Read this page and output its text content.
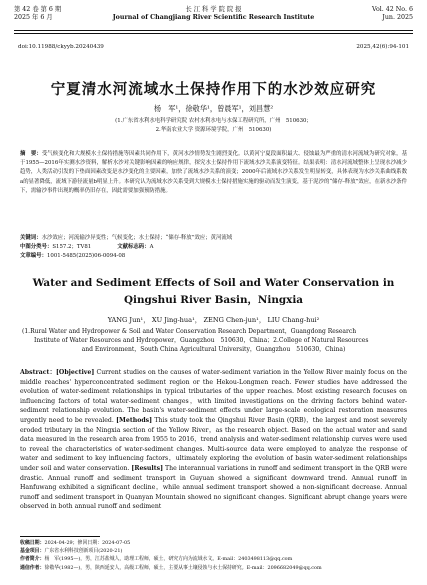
第 42 卷 第 6 期
2025 年 6 月
长 江 科 学 院 院 报
Journal of Changjiang River Scientific Research Institute
Vol. 42 No. 6
Jun. 2025
doi:10.11988/ckyyb.20240439	2025,42(6):94-101
宁夏清水河流域水土保持作用下的水沙效应研究
杨　军¹，徐敬华¹，曾晨军¹，刘昌慧²
(1.广东省水利水电科学研究院 农村水利水电与水保工程研究所，广州　510630；
2.华南农业大学 资源环境学院，广州　510630)
摘　要：受气候变化和大规模水土保持措施等因素共同作用下，黄河水沙情势发生剧烈变化。以黄河宁夏段面积最大、侵蚀最为严重的清水河流域为研究对象，基于1955—2016年实测水沙资料，解析水沙对关键影响因素的响应规律，探究水土保持作用下流域水沙关系演变特征。结果表明：清水河流域整体上呈现水沙减少趋势，人类活动引发的下垫面因素改变是水沙变化的主要因素，加快了流域水沙关系的演变；2000年后流域水沙关系发生明显转变，具体表现为水沙关系曲线系数a的显著降低，流域下游径流量b明显上升。本研究认为流域水沙关系受到大规模水土保持措施实施的驱动而发生演变，基于泥沙的“储存-释放”效应，在新水沙条件下，需输沙事件出现的概率仍旧存在，因此需要加强预防措施。
关键词：水沙效应；河流输沙异变性；气候变化；水土保持；“储存-释放”效应；黄河流域
中图分类号：S157.2；TV81	文献标志码：A
文章编号：1001-5485(2025)06-0094-08
Water and Sediment Effects of Soil and Water Conservation in
Qingshui River Basin，Ningxia
YANG Jun¹， XU Jing-hua¹， ZENG Chen-jun¹， LIU Chang-hui²
(1.Rural Water and Hydropower & Soil and Water Conservation Research Department，Guangdong Research
Institute of Water Resources and Hydropower，Guangzhou　510630，China；2.College of Natural Resources
and Environment，South China Agricultural University，Guangzhou　510630，China)
Abstract：[Objective] Current studies on the causes of water-sediment variation in the Yellow River mainly focus on the middle reaches' hyperconcentrated sediment region or the Hekou-Longmen reach. Fewer studies have addressed the evolution of water-sediment relationships in typical tributaries of the upper reaches. Most existing research focuses on influencing factors of total water-sediment changes，with limited investigations on the driving factors behind water-sediment relationship evolution. The basin's water-sediment effects under large-scale ecological restoration measures urgently need to be revealed. [Methods] This study took the Qingshui River Basin (QRB)，the largest and most severely eroded tributary in the Ningxia section of the Yellow River，as the research object. Based on the actual water and sand data measured in the research area from 1955 to 2016，trend analysis and water-sediment relationship curves were used to reveal the characteristics of water-sediment changes. Multi-source data were employed to analyze the response of water and sediment to key influencing factors，ultimately exploring the evolution of basin water-sediment relationships under soil and water conservation. [Results] The interannual variations in runoff and sediment transport in the QRB were drastic. Annual runoff and sediment transport in Guyuan showed a significant downward trend. Annual runoff in Hanfuwang exhibited a significant decline，while annual sediment transport showed a non-significant decrease. Annual runoff and sediment transport in Quanyan Mountain showed no significant changes. Significant abrupt change years were observed in both annual runoff and sediment
收稿日期：2024-04-29；修回日期：2024-07-05
基金项目：广东省水利科技创新项目(2020-21)
作者简介：杨　军(1995—)，男，江苏盐城人，助理工程师，硕士，研究方向为流域水文。E-mail：2403498113@qq.com
通信作者：徐敬华(1982—)，男，陕西延安人，高级工程师，硕士，主要从事土壤侵蚀与水土保持研究。E-mail：2096682049@qq.com
